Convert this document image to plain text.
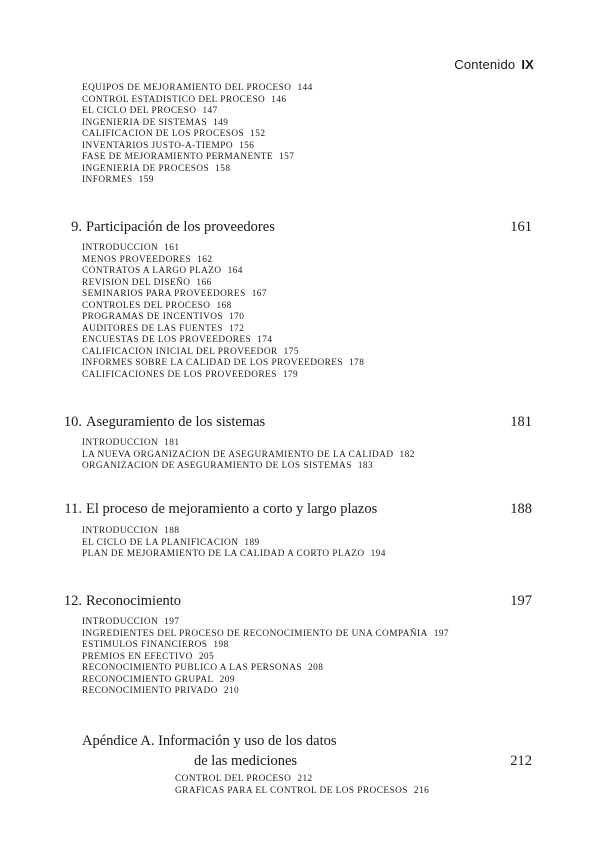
Contenido IX
EQUIPOS DE MEJORAMIENTO DEL PROCESO 144
CONTROL ESTADISTICO DEL PROCESO 146
EL CICLO DEL PROCESO 147
INGENIERIA DE SISTEMAS 149
CALIFICACION DE LOS PROCESOS 152
INVENTARIOS JUSTO-A-TIEMPO 156
FASE DE MEJORAMIENTO PERMANENTE 157
INGENIERIA DE PROCESOS 158
INFORMES 159
9. Participación de los proveedores	161
INTRODUCCION 161
MENOS PROVEEDORES 162
CONTRATOS A LARGO PLAZO 164
REVISION DEL DISEÑO 166
SEMINARIOS PARA PROVEEDORES 167
CONTROLES DEL PROCESO 168
PROGRAMAS DE INCENTIVOS 170
AUDITORES DE LAS FUENTES 172
ENCUESTAS DE LOS PROVEEDORES 174
CALIFICACION INICIAL DEL PROVEEDOR 175
INFORMES SOBRE LA CALIDAD DE LOS PROVEEDORES 178
CALIFICACIONES DE LOS PROVEEDORES 179
10. Aseguramiento de los sistemas	181
INTRODUCCION 181
LA NUEVA ORGANIZACION DE ASEGURAMIENTO DE LA CALIDAD 182
ORGANIZACION DE ASEGURAMIENTO DE LOS SISTEMAS 183
11. El proceso de mejoramiento a corto y largo plazos	188
INTRODUCCION 188
EL CICLO DE LA PLANIFICACION 189
PLAN DE MEJORAMIENTO DE LA CALIDAD A CORTO PLAZO 194
12. Reconocimiento	197
INTRODUCCION 197
INGREDIENTES DEL PROCESO DE RECONOCIMIENTO DE UNA COMPAÑIA 197
ESTIMULOS FINANCIEROS 198
PREMIOS EN EFECTIVO 205
RECONOCIMIENTO PUBLICO A LAS PERSONAS 208
RECONOCIMIENTO GRUPAL 209
RECONOCIMIENTO PRIVADO 210
Apéndice A. Información y uso de los datos
de las mediciones	212
CONTROL DEL PROCESO 212
GRAFICAS PARA EL CONTROL DE LOS PROCESOS 216
